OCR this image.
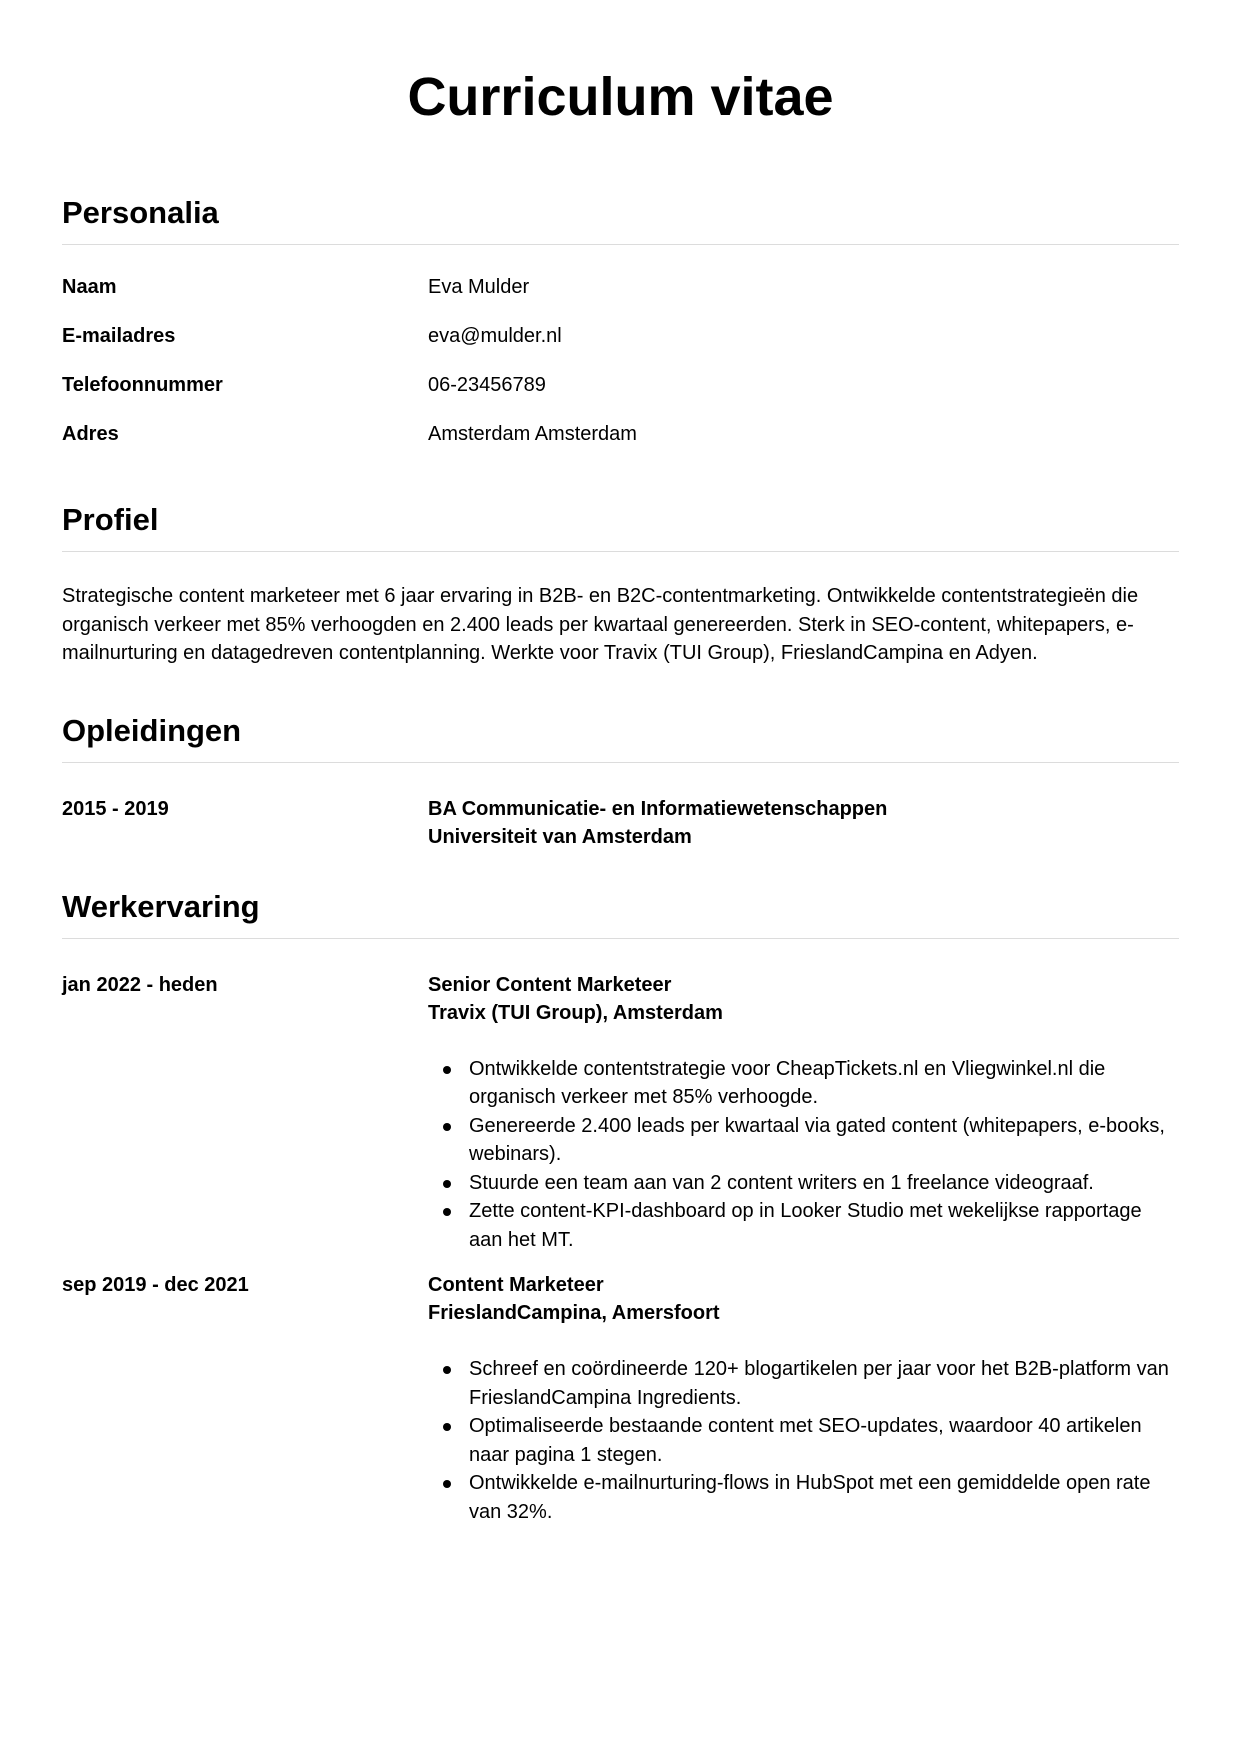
Curriculum vitae
Personalia
Naam	Eva Mulder
E-mailadres	eva@mulder.nl
Telefoonnummer	06-23456789
Adres	Amsterdam Amsterdam
Profiel

Strategische content marketeer met 6 jaar ervaring in B2B- en B2C-contentmarketing. Ontwikkelde contentstrategieën die organisch verkeer met 85% verhoogden en 2.400 leads per kwartaal genereerden. Sterk in SEO-content, whitepapers, e-mailnurturing en datagedreven contentplanning. Werkte voor Travix (TUI Group), FrieslandCampina en Adyen.

Opleidingen
2015 - 2019	BA Communicatie- en Informatiewetenschappen
Universiteit van Amsterdam
Werkervaring
jan 2022 - heden	Senior Content Marketeer
Travix (TUI Group), Amsterdam
Ontwikkelde contentstrategie voor CheapTickets.nl en Vliegwinkel.nl die organisch verkeer met 85% verhoogde.
Genereerde 2.400 leads per kwartaal via gated content (whitepapers, e-books, webinars).
Stuurde een team aan van 2 content writers en 1 freelance videograaf.
Zette content-KPI-dashboard op in Looker Studio met wekelijkse rapportage aan het MT.
sep 2019 - dec 2021	Content Marketeer
FrieslandCampina, Amersfoort
Schreef en coördineerde 120+ blogartikelen per jaar voor het B2B-platform van FrieslandCampina Ingredients.
Optimaliseerde bestaande content met SEO-updates, waardoor 40 artikelen naar pagina 1 stegen.
Ontwikkelde e-mailnurturing-flows in HubSpot met een gemiddelde open rate van 32%.
